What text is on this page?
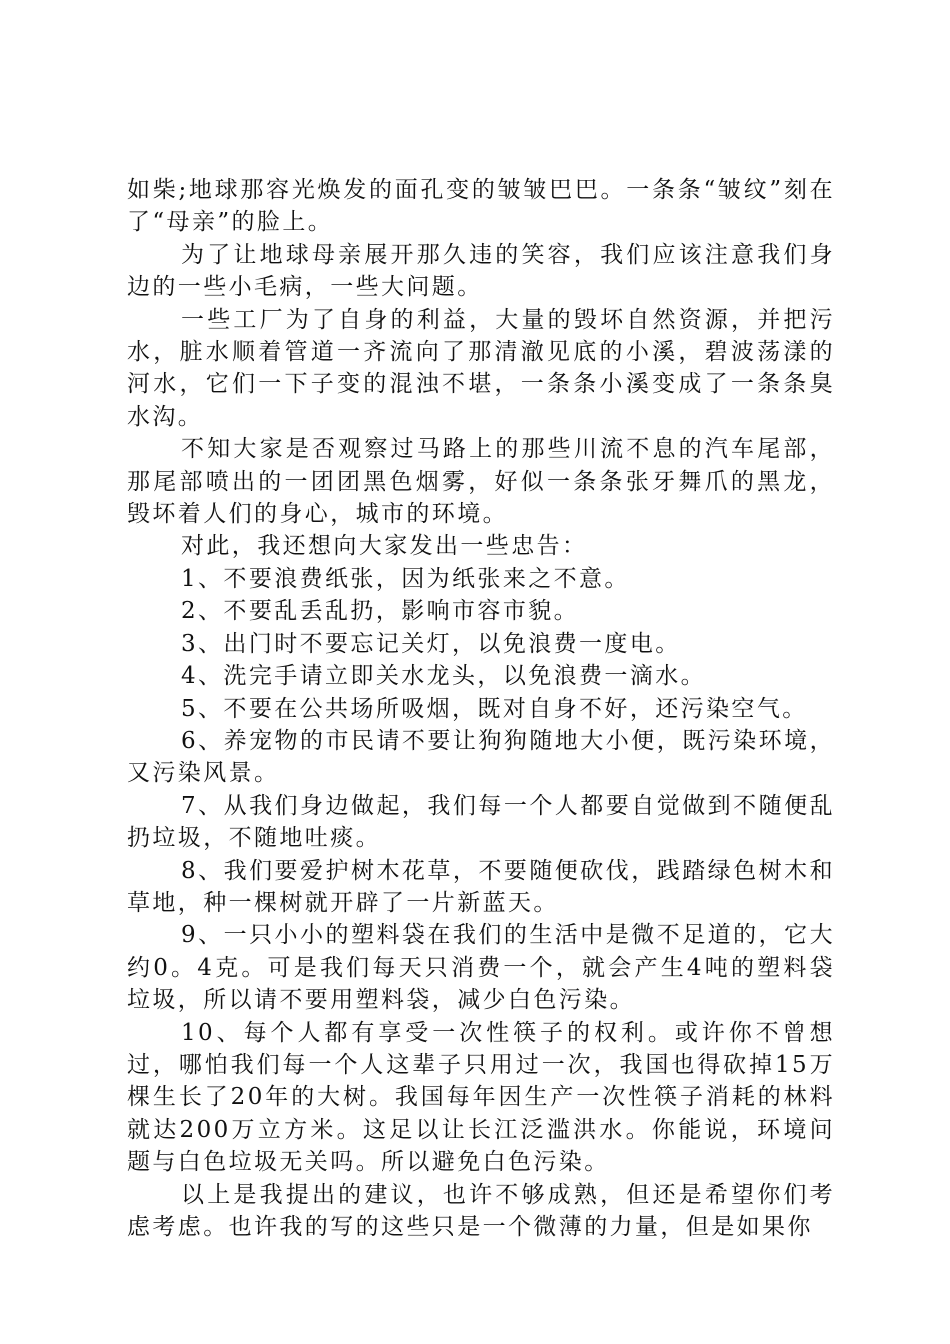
如柴;地球那容光焕发的面孔变的皱皱巴巴。一条条“皱纹”刻在了“母亲”的脸上。

为了让地球母亲展开那久违的笑容，我们应该注意我们身边的一些小毛病，一些大问题。

一些工厂为了自身的利益，大量的毁坏自然资源，并把污水，脏水顺着管道一齐流向了那清澈见底的小溪，碧波荡漾的河水，它们一下子变的混浊不堪，一条条小溪变成了一条条臭水沟。

不知大家是否观察过马路上的那些川流不息的汽车尾部，那尾部喷出的一团团黑色烟雾，好似一条条张牙舞爪的黑龙，毁坏着人们的身心，城市的环境。

对此，我还想向大家发出一些忠告：

1、不要浪费纸张，因为纸张来之不意。

2、不要乱丢乱扔，影响市容市貌。

3、出门时不要忘记关灯，以免浪费一度电。

4、洗完手请立即关水龙头，以免浪费一滴水。

5、不要在公共场所吸烟，既对自身不好，还污染空气。

6、养宠物的市民请不要让狗狗随地大小便，既污染环境，又污染风景。

7、从我们身边做起，我们每一个人都要自觉做到不随便乱扔垃圾，不随地吐痰。

8、我们要爱护树木花草，不要随便砍伐，践踏绿色树木和草地，种一棵树就开辟了一片新蓝天。

9、一只小小的塑料袋在我们的生活中是微不足道的，它大约0。4克。可是我们每天只消费一个，就会产生4吨的塑料袋垃圾，所以请不要用塑料袋，减少白色污染。

10、每个人都有享受一次性筷子的权利。或许你不曾想过，哪怕我们每一个人这辈子只用过一次，我国也得砍掉15万棵生长了20年的大树。我国每年因生产一次性筷子消耗的林料就达200万立方米。这足以让长江泛滥洪水。你能说，环境问题与白色垃圾无关吗。所以避免白色污染。

以上是我提出的建议，也许不够成熟，但还是希望你们考虑考虑。也许我的写的这些只是一个微薄的力量，但是如果你
